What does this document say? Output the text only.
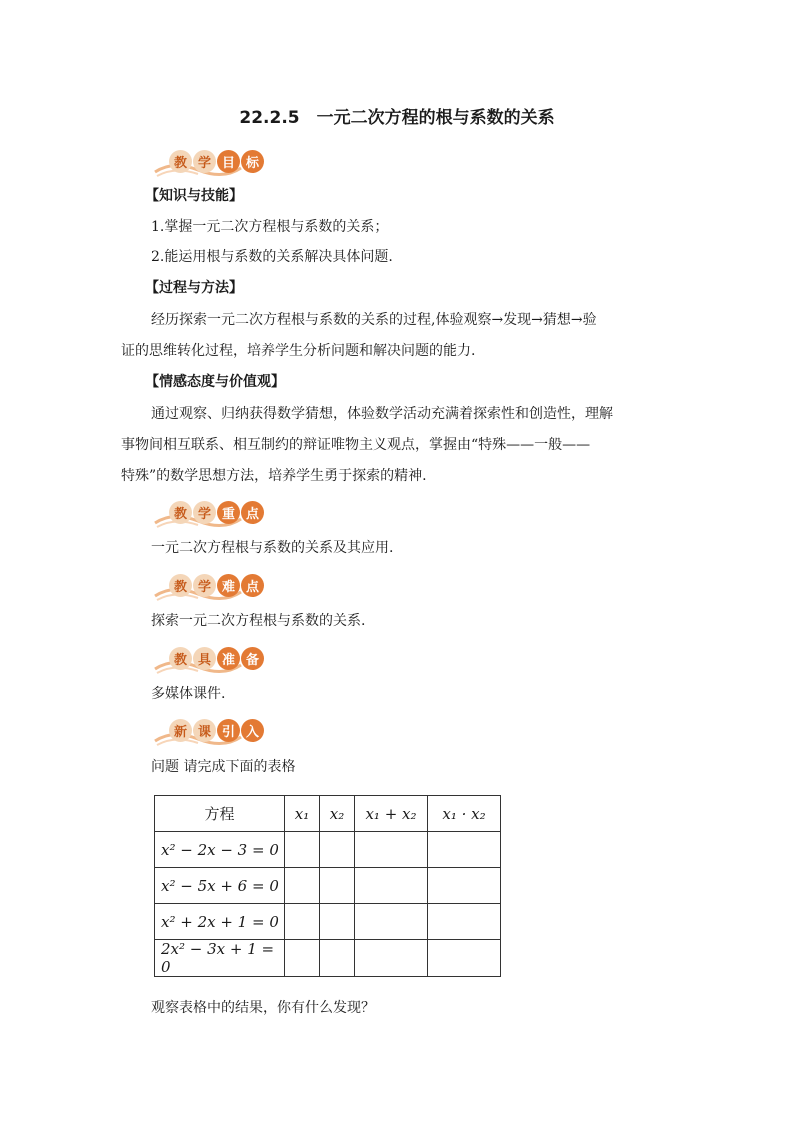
22.2.5　一元二次方程的根与系数的关系
教 学 目 标
【知识与技能】
1.掌握一元二次方程根与系数的关系；
2.能运用根与系数的关系解决具体问题.
【过程与方法】
经历探索一元二次方程根与系数的关系的过程,体验观察→发现→猜想→验
证的思维转化过程，培养学生分析问题和解决问题的能力.
【情感态度与价值观】
通过观察、归纳获得数学猜想，体验数学活动充满着探索性和创造性，理解
事物间相互联系、相互制约的辩证唯物主义观点，掌握由“特殊——一般——
特殊”的数学思想方法，培养学生勇于探索的精神.
教 学 重 点
一元二次方程根与系数的关系及其应用.
教 学 难 点
探索一元二次方程根与系数的关系.
教 具 准 备
多媒体课件.
新 课 引 入
问题 请完成下面的表格
方程	x₁	x₂	x₁ + x₂	x₁ · x₂
x² − 2x − 3 = 0				
x² − 5x + 6 = 0				
x² + 2x + 1 = 0				
2x² − 3x + 1 = 0				
观察表格中的结果，你有什么发现？
